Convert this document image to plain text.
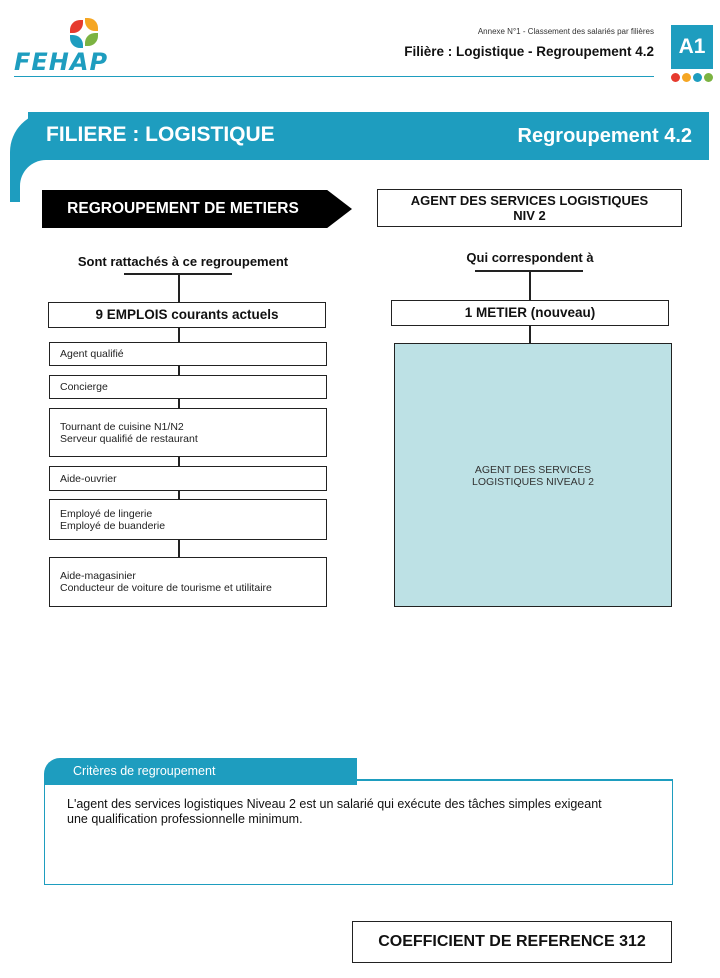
FEHAP
Annexe N°1 - Classement des salariés par filières
Filière : Logistique - Regroupement 4.2	A1
FILIERE : LOGISTIQUE	Regroupement 4.2
REGROUPEMENT DE METIERS
Sont rattachés à ce regroupement
9 EMPLOIS courants actuels
Agent qualifié
Concierge
Tournant de cuisine N1/N2
Serveur qualifié de restaurant
Aide-ouvrier
Employé de lingerie
Employé de buanderie
Aide-magasinier
Conducteur de voiture de tourisme et utilitaire
AGENT DES SERVICES LOGISTIQUES
NIV 2
Qui correspondent à
1 METIER (nouveau)
AGENT DES SERVICES
LOGISTIQUES NIVEAU 2
Critères de regroupement
L'agent des services logistiques Niveau 2 est un salarié qui exécute des tâches simples exigeant
une qualification professionnelle minimum.
COEFFICIENT DE REFERENCE 312
